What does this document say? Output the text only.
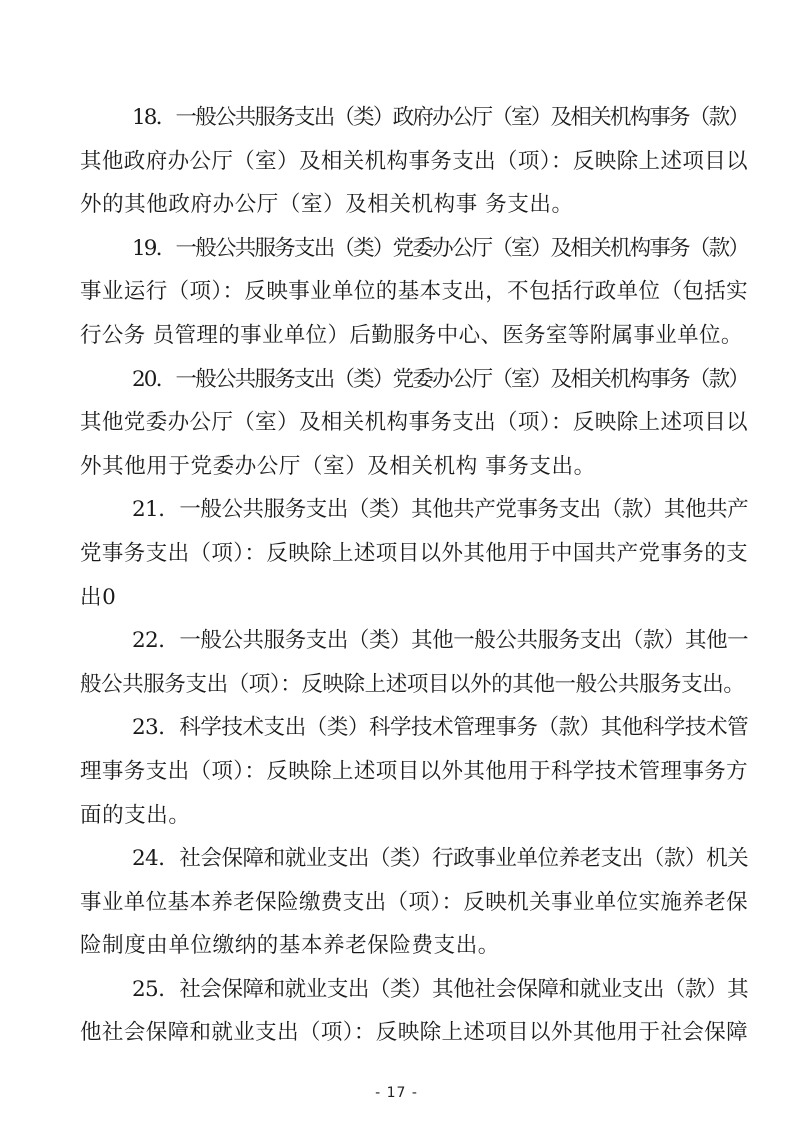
18．一般公共服务支出（类）政府办公厅（室）及相关机构事务（款）
其他政府办公厅（室）及相关机构事务支出（项）：反映除上述项目以
外的其他政府办公厅（室）及相关机构事 务支出。

19．一般公共服务支出（类）党委办公厅（室）及相关机构事务（款）
事业运行（项）：反映事业单位的基本支出，不包括行政单位（包括实
行公务 员管理的事业单位）后勤服务中心、医务室等附属事业单位。

20．一般公共服务支出（类）党委办公厅（室）及相关机构事务（款）
其他党委办公厅（室）及相关机构事务支出（项）：反映除上述项目以
外其他用于党委办公厅（室）及相关机构 事务支出。

21．一般公共服务支出（类）其他共产党事务支出（款）其他共产
党事务支出（项）：反映除上述项目以外其他用于中国共产党事务的支
出0

22．一般公共服务支出（类）其他一般公共服务支出（款）其他一
般公共服务支出（项）：反映除上述项目以外的其他一般公共服务支出。

23．科学技术支出（类）科学技术管理事务（款）其他科学技术管
理事务支出（项）：反映除上述项目以外其他用于科学技术管理事务方
面的支出。

24．社会保障和就业支出（类）行政事业单位养老支出（款）机关
事业单位基本养老保险缴费支出（项）：反映机关事业单位实施养老保
险制度由单位缴纳的基本养老保险费支出。

25．社会保障和就业支出（类）其他社会保障和就业支出（款）其
他社会保障和就业支出（项）：反映除上述项目以外其他用于社会保障

- 17 -
